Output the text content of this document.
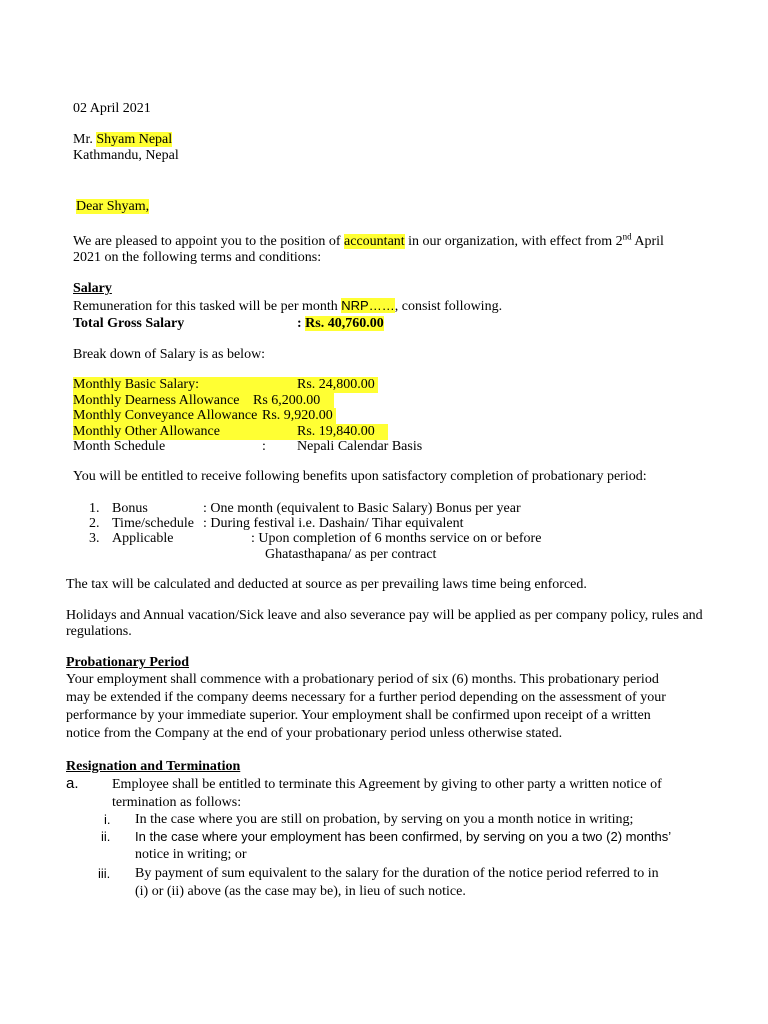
02 April 2021
Mr. Shyam Nepal
Kathmandu, Nepal
Dear Shyam,
We are pleased to appoint you to the position of accountant in our organization, with effect from 2nd April
2021 on the following terms and conditions:
Salary
Remuneration for this tasked will be per month NRP……, consist following.
Total Gross Salary	: Rs. 40,760.00
Break down of Salary is as below:
Monthly Basic Salary:	Rs. 24,800.00
Monthly Dearness Allowance Rs 6,200.00
Monthly Conveyance Allowance Rs. 9,920.00
Monthly Other Allowance	Rs. 19,840.00
Month Schedule	: Nepali Calendar Basis
You will be entitled to receive following benefits upon satisfactory completion of probationary period:
1. Bonus	: One month (equivalent to Basic Salary) Bonus per year
2. Time/schedule : During festival i.e. Dashain/ Tihar equivalent
3. Applicable	: Upon completion of 6 months service on or before
Ghatasthapana/ as per contract
The tax will be calculated and deducted at source as per prevailing laws time being enforced.
Holidays and Annual vacation/Sick leave and also severance pay will be applied as per company policy, rules and
regulations.
Probationary Period
Your employment shall commence with a probationary period of six (6) months. This probationary period
may be extended if the company deems necessary for a further period depending on the assessment of your
performance by your immediate superior. Your employment shall be confirmed upon receipt of a written
notice from the Company at the end of your probationary period unless otherwise stated.
Resignation and Termination
a. Employee shall be entitled to terminate this Agreement by giving to other party a written notice of
termination as follows:
i. In the case where you are still on probation, by serving on you a month notice in writing;
ii. In the case where your employment has been confirmed, by serving on you a two (2) months’
notice in writing; or
iii. By payment of sum equivalent to the salary for the duration of the notice period referred to in
(i) or (ii) above (as the case may be), in lieu of such notice.
